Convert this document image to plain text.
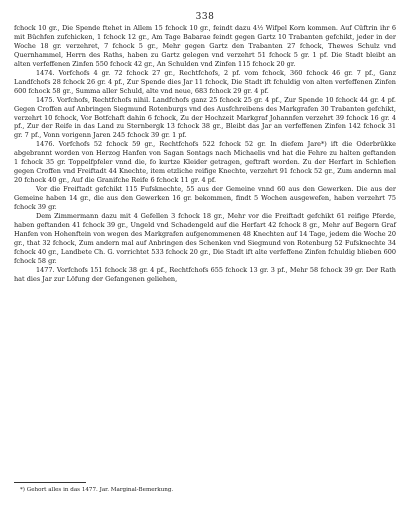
338

fchock 10 gr., Die Spende ftehet in Allem 15 fchock 10 gr., feindt dazu 4½ Wifpel Korn kommen. Auf Cüftrin ihr 6 mit Büchfen zufchicken, 1 fchock 12 gr., Am Tage Babarae feindt gegen Gartz 10 Trabanten gefchikt, jeder in der Woche 18 gr. verzehret, 7 fchock 5 gr., Mehr gegen Gartz den Trabanten 27 fchock, Thewes Schulz vnd Quernhammel, Herrn des Raths, haben zu Gartz gelegen vnd verzehrt 51 fchock 5 gr. 1 pf. Die Stadt bleibt an alten verfeffenen Zinfen 550 fchock 42 gr., An Schulden vnd Zinfen 115 fchock 20 gr.

1474. Vorfchofs 4 gr. 72 fchock 27 gr., Rechtfchofs, 2 pf. vom fchock, 360 fchock 46 gr. 7 pf., Ganz Landfchofs 28 fchock 26 gr. 4 pf., Zur Spende dies Jar 11 fchock, Die Stadt ift fchuldig von alten verfeffenen Zinfen 600 fchock 58 gr., Summa aller Schuld, alte vnd neue, 683 fchock 29 gr. 4 pf.

1475. Vorfchofs, Rechtfchofs nihil. Landfchofs ganz 25 fchock 25 gr. 4 pf., Zur Spende 10 fchock 44 gr. 4 pf. Gegen Croffen auf Anbringen Siegmund Rotenburgs vnd des Ausfchreibens des Markgrafen 30 Trabanten gefchikt, verzehrt 10 fchock, Vor Botfchaft dahin 6 fchock, Zu der Hochzeit Markgraf Johannfen verzehrt 39 fchock 16 gr. 4 pf., Zur der Reife in das Land zu Sternbergk 13 fchock 38 gr., Bleibt das Jar an verfeffenen Zinfen 142 fchock 31 gr. 7 pf., Vonn vorigenn Jaren 245 fchock 39 gr. 1 pf.

1476. Vorfchofs 52 fchock 59 gr., Rechtfchofs 522 fchock 52 gr. In diefem Jare*) ift die Oderbrükke abgebrannt worden von Herzog Hanfen von Sagan Sontags nach Michaelis vnd hat die Fehre zu halten geftanden 1 fchock 35 gr. Toppelfpfeler vnnd die, fo kurtze Kleider getragen, geftraft worden. Zu der Herfart in Schlefien gegen Croffen vnd Freiftadt 44 Knechte, item etzliche reifige Knechte, verzehrt 91 fchock 52 gr., Zum andernn mal 20 fchock 40 gr., Auf die Granifche Reife 6 fchock 11 gr. 4 pf.

Vor die Freiftadt gefchikt 115 Fufsknechte, 55 aus der Gemeine vnnd 60 aus den Gewerken. Die aus der Gemeine haben 14 gr., die aus den Gewerken 16 gr. bekommen, findt 5 Wochen ausgewefen, haben verzehrt 75 fchock 39 gr.

Dem Zimmermann dazu mit 4 Gefellen 3 fchock 18 gr., Mehr vor die Freiftadt gefchikt 61 reifige Pferde, haben geftanden 41 fchock 39 gr., Ungeld vnd Schadengeld auf die Herfart 42 fchock 8 gr., Mehr auf Begern Graf Hanfen von Hohenftein von wegen des Markgrafen aufgenommenen 48 Knechten auf 14 Tage, jedem die Woche 20 gr., that 32 fchock, Zum andern mal auf Anbringen des Schenken vnd Siegmund von Rotenburg 52 Fufsknechte 34 fchock 40 gr., Landbete Ch. G. vorrichtet 533 fchock 20 gr., Die Stadt ift alte verfeffene Zinfen fchuldig blieben 600 fchock 58 gr.

1477. Vorfchofs 151 fchock 38 gr. 4 pf., Rechtfchofs 655 fchock 13 gr. 3 pf., Mehr 58 fchock 39 gr. Der Rath hat dies Jar zur Löfung der Gefangenen geliehen,

*) Gehort alles in das 1477. Jar. Marginal-Bemerkung.
